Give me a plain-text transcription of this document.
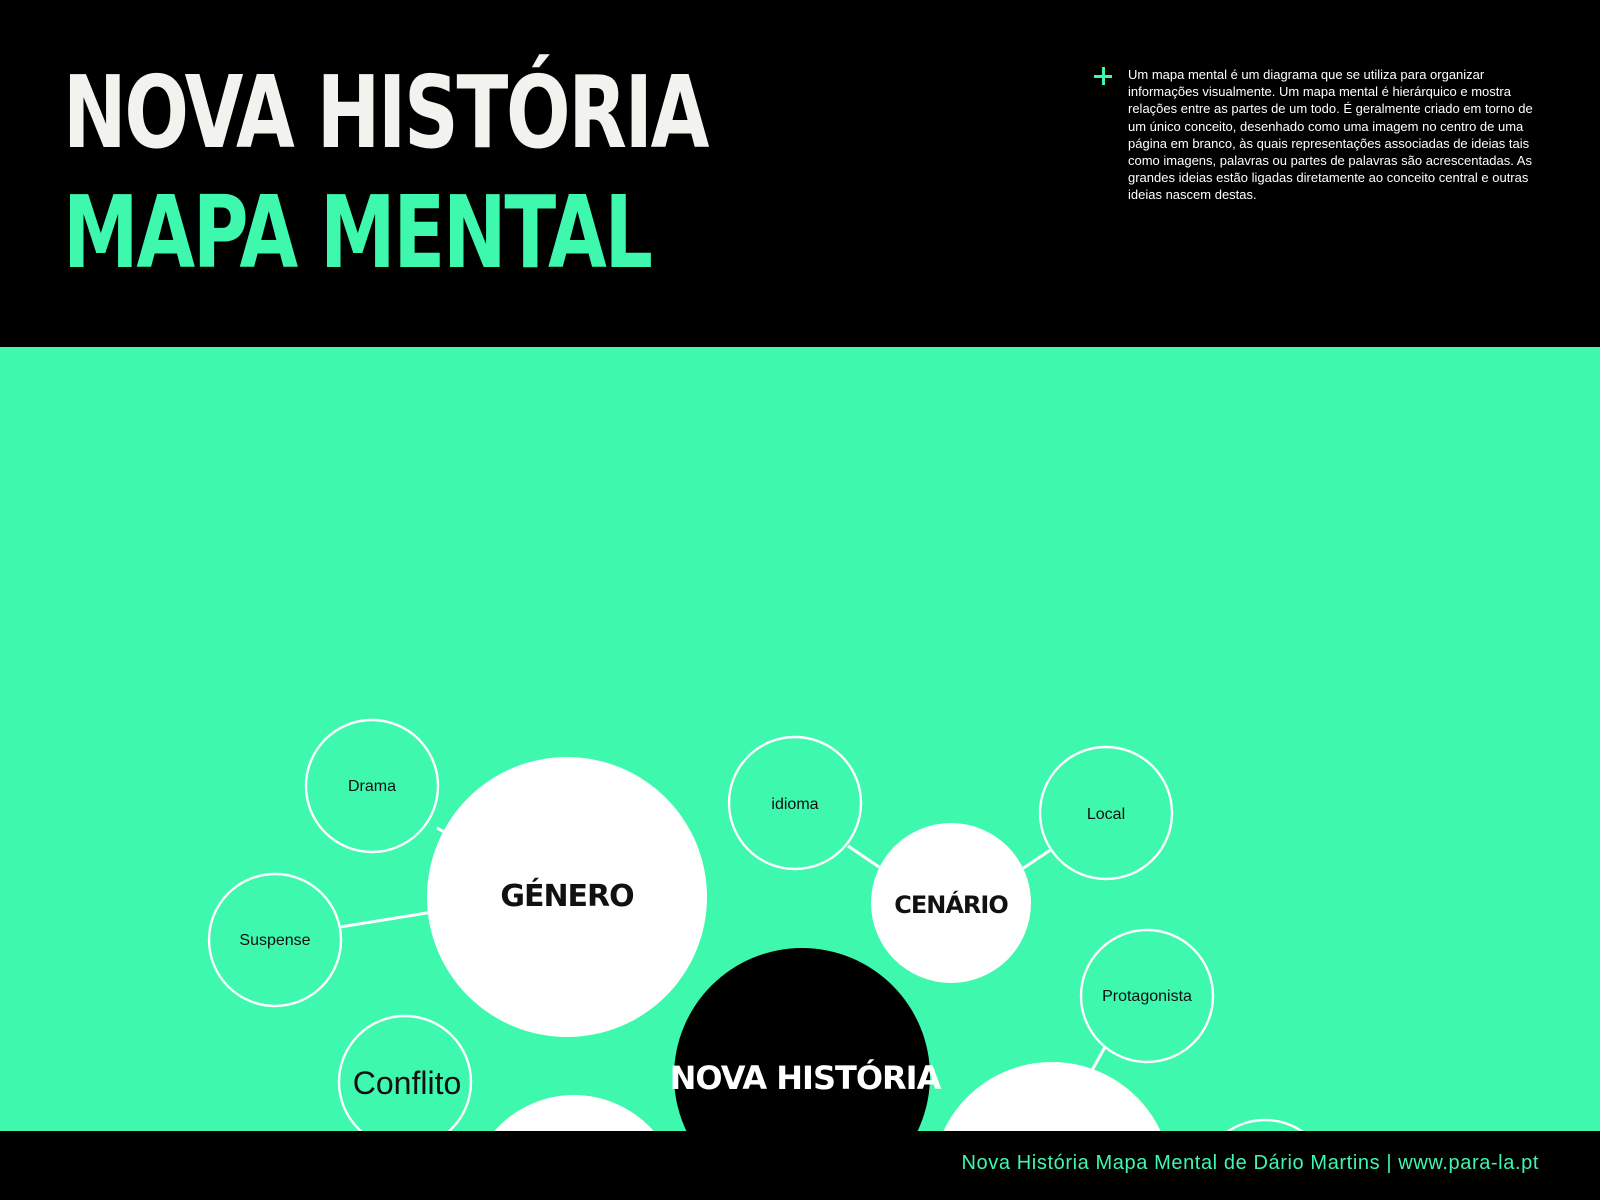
NOVA HISTÓRIA
MAPA MENTAL

Um mapa mental é um diagrama que se utiliza para organizar informações visualmente. Um mapa mental é hierárquico e mostra relações entre as partes de um todo. É geralmente criado em torno de um único conceito, desenhado como uma imagem no centro de uma página em branco, às quais representações associadas de ideias tais como imagens, palavras ou partes de palavras são acrescentadas. As grandes ideias estão ligadas diretamente ao conceito central e outras ideias nascem destas.

GÉNERO	CENÁRIO
NOVA HISTÓRIA
Drama
Suspense
idioma
Local
Protagonista
Conflito

Nova História Mapa Mental de Dário Martins | www.para-la.pt
